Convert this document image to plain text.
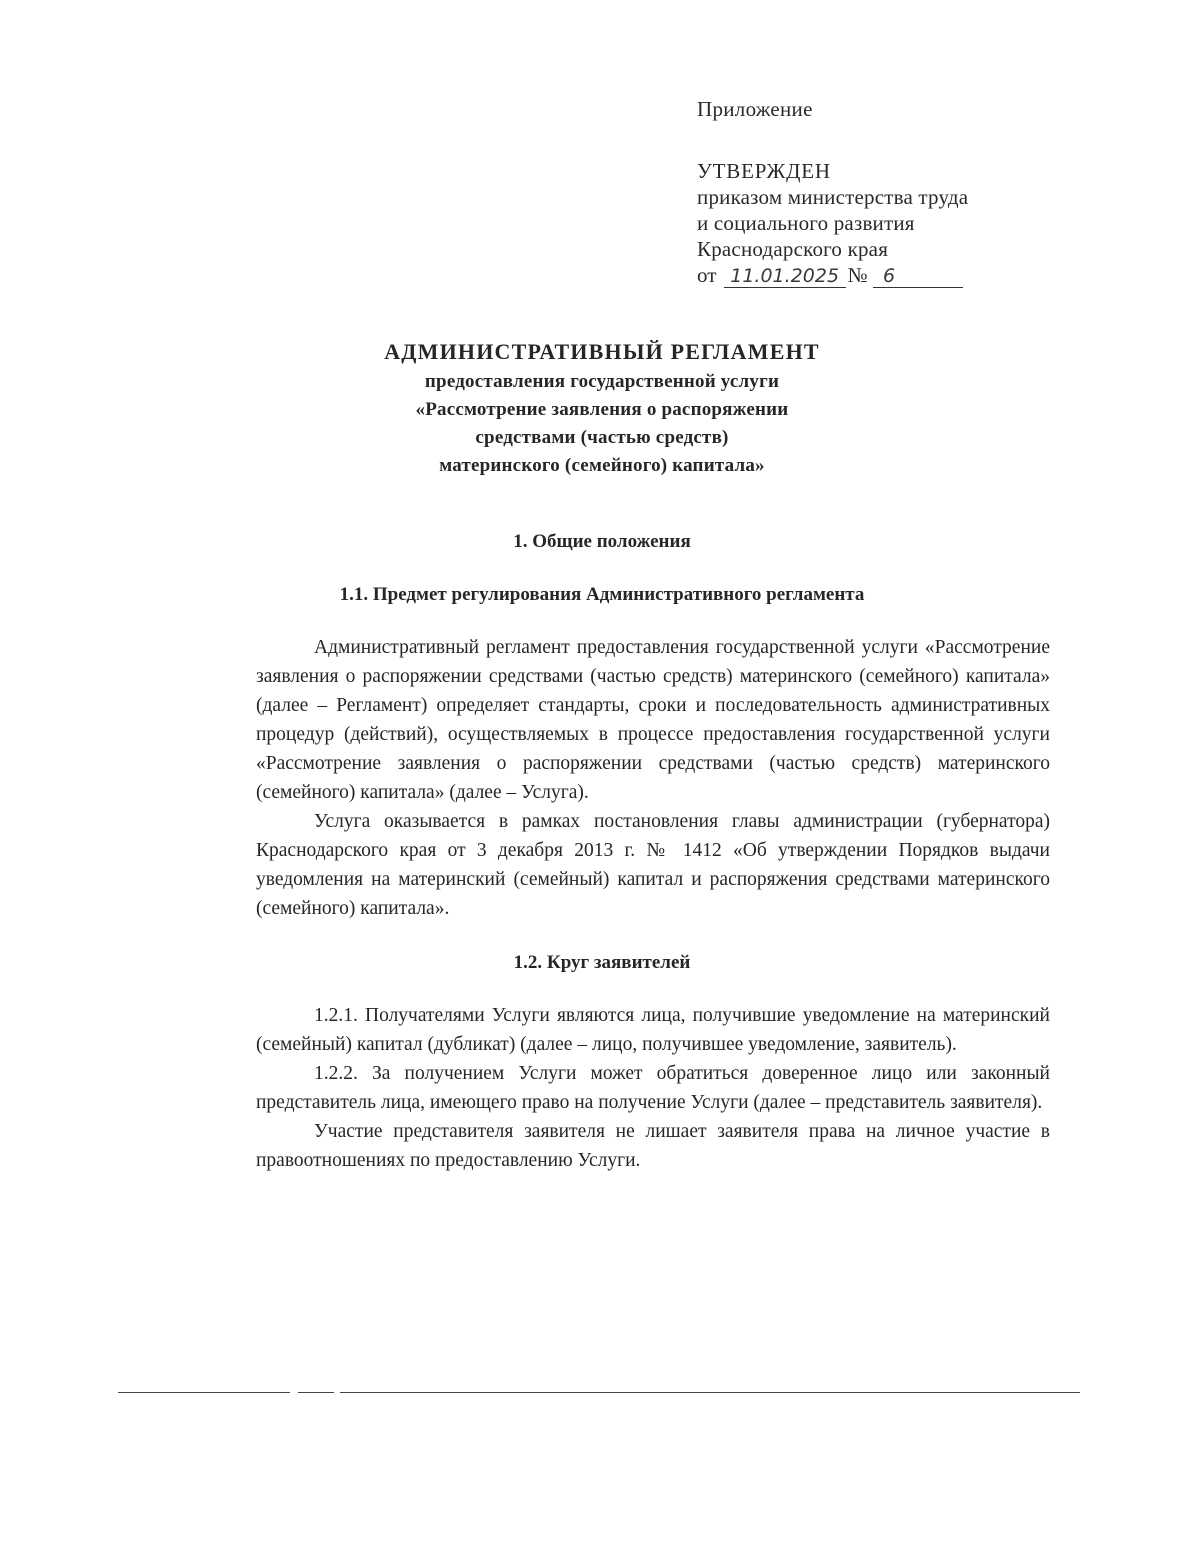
Приложение

УТВЕРЖДЕН

приказом министерства труда

и социального развития

Краснодарского края

от 11.01.2025 № 6

АДМИНИСТРАТИВНЫЙ РЕГЛАМЕНТ

предоставления государственной услуги

«Рассмотрение заявления о распоряжении

средствами (частью средств)

материнского (семейного) капитала»

1. Общие положения

1.1. Предмет регулирования Административного регламента

Административный регламент предоставления государственной услуги «Рассмотрение заявления о распоряжении средствами (частью средств) материнского (семейного) капитала» (далее – Регламент) определяет стандарты, сроки и последовательность административных процедур (действий), осуществляемых в процессе предоставления государственной услуги «Рассмотрение заявления о распоряжении средствами (частью средств) материнского (семейного) капитала» (далее – Услуга).

Услуга оказывается в рамках постановления главы администрации (губернатора) Краснодарского края от 3 декабря 2013 г. № 1412 «Об утверждении Порядков выдачи уведомления на материнский (семейный) капитал и распоряжения средствами материнского (семейного) капитала».

1.2. Круг заявителей

1.2.1. Получателями Услуги являются лица, получившие уведомление на материнский (семейный) капитал (дубликат) (далее – лицо, получившее уведомление, заявитель).

1.2.2. За получением Услуги может обратиться доверенное лицо или законный представитель лица, имеющего право на получение Услуги (далее – представитель заявителя).

Участие представителя заявителя не лишает заявителя права на личное участие в правоотношениях по предоставлению Услуги.
